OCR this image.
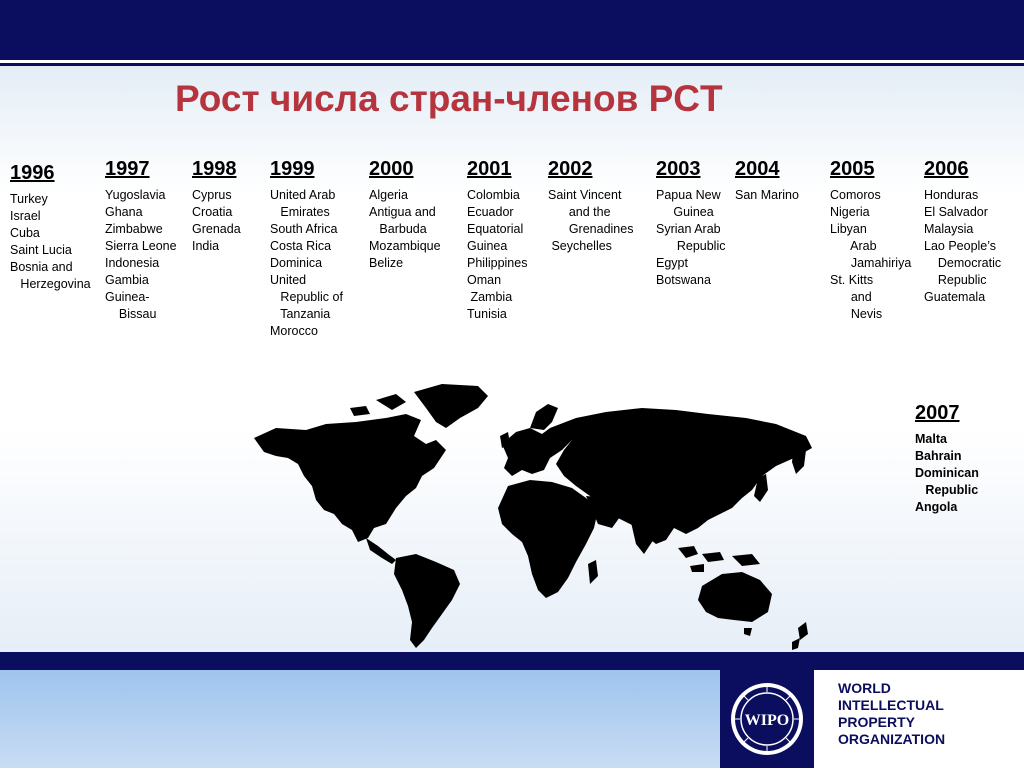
Рост числа стран-членов PCT
1996
Turkey
Israel
Cuba
Saint Lucia
Bosnia and
Herzegovina
1997
Yugoslavia
Ghana
Zimbabwe
Sierra Leone
Indonesia
Gambia
Guinea-
Bissau
1998
Cyprus
Croatia
Grenada
India
1999
United Arab
Emirates
South Africa
Costa Rica
Dominica
United
Republic of
Tanzania
Morocco
2000
Algeria
Antigua and
Barbuda
Mozambique
Belize
2001
Colombia
Ecuador
Equatorial
Guinea
Philippines
Oman
Zambia
Tunisia
2002
Saint Vincent
and the
Grenadines
Seychelles
2003
Papua New
Guinea
Syrian Arab
Republic
Egypt
Botswana
2004
San Marino
2005
Comoros
Nigeria
Libyan
Arab
Jamahiriya
St. Kitts
and
Nevis
2006
Honduras
El Salvador
Malaysia
Lao People’s
Democratic
Republic
Guatemala
2007
Malta
Bahrain
Dominican
Republic
Angola
WIPO
WORLD
INTELLECTUAL
PROPERTY
ORGANIZATION
